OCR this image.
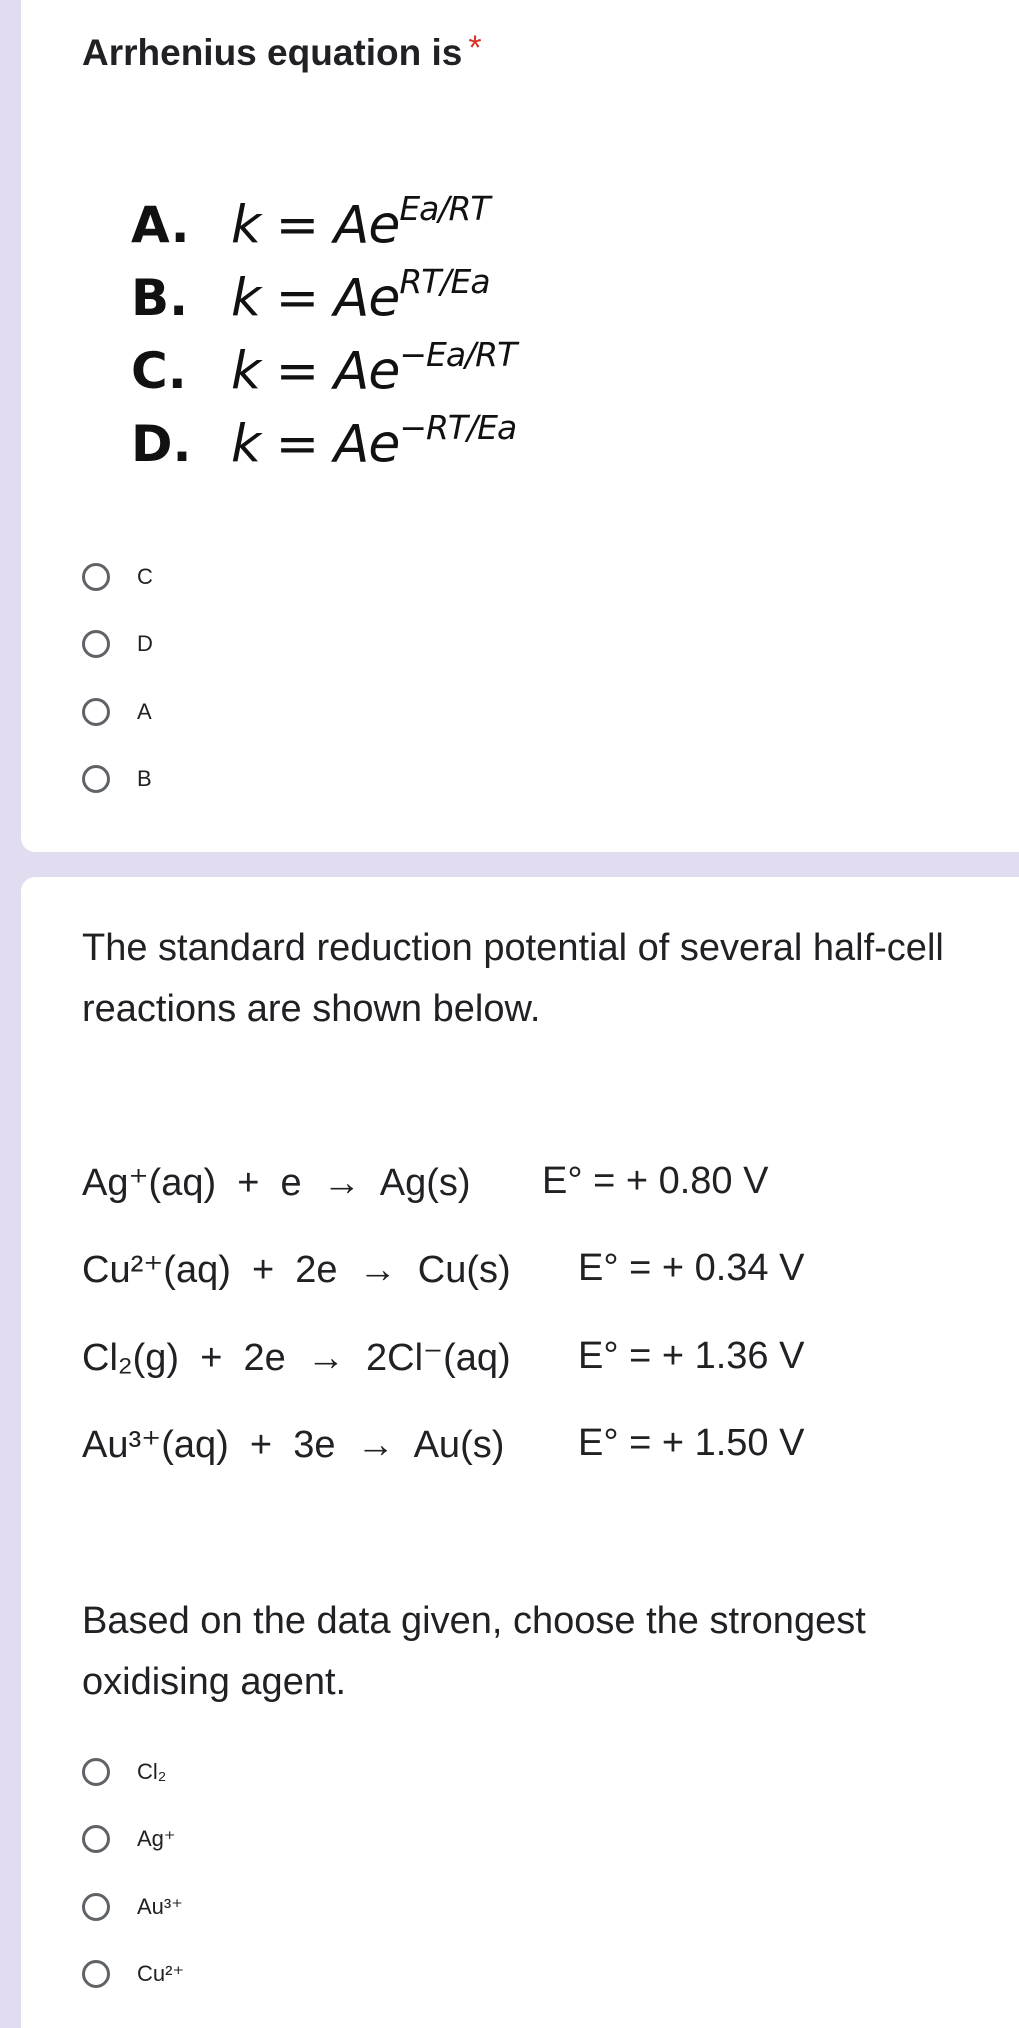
Arrhenius equation is *
A. $k = Ae^{Ea/RT}$
B. $k = Ae^{RT/Ea}$
C. $k = Ae^{-Ea/RT}$
D. $k = Ae^{-RT/Ea}$
C
D
A
B
The standard reduction potential of several half-cell reactions are shown below.
Ag⁺(aq)  +  e  →  Ag(s) E° = + 0.80 V
Cu²⁺(aq)  +  2e  →  Cu(s) E° = + 0.34 V
Cl₂(g)  +  2e  →  2Cl⁻(aq) E° = + 1.36 V
Au³⁺(aq)  +  3e  →  Au(s) E° = + 1.50 V
Based on the data given, choose the strongest oxidising agent.
Cl₂
Ag⁺
Au³⁺
Cu²⁺
